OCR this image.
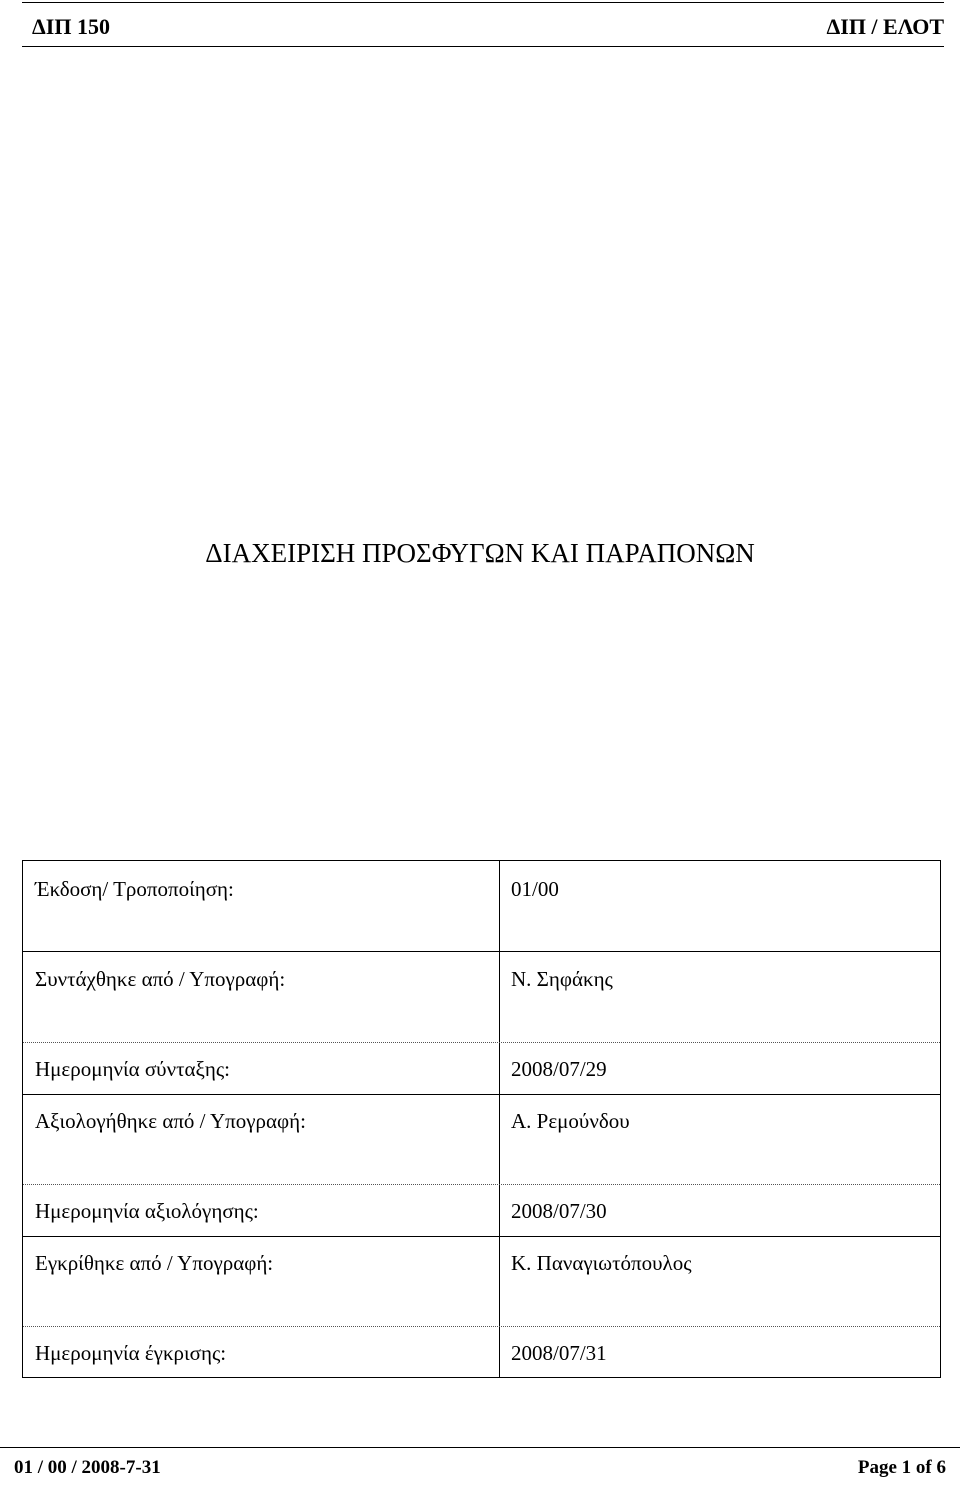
ΔΙΠ 150	ΔΙΠ / ΕΛΟΤ
ΔΙΑΧΕΙΡΙΣΗ ΠΡΟΣΦΥΓΩΝ ΚΑΙ ΠΑΡΑΠΟΝΩΝ
Έκδοση/ Τροποποίηση:	01/00
Συντάχθηκε από / Υπογραφή:	Ν. Σηφάκης
Ημερομηνία σύνταξης:	2008/07/29
Αξιολογήθηκε από / Υπογραφή:	Α. Ρεμούνδου
Ημερομηνία αξιολόγησης:	2008/07/30
Εγκρίθηκε από / Υπογραφή:	Κ. Παναγιωτόπουλος
Ημερομηνία έγκρισης:	2008/07/31
01 / 00 / 2008-7-31	Page 1 of 6
